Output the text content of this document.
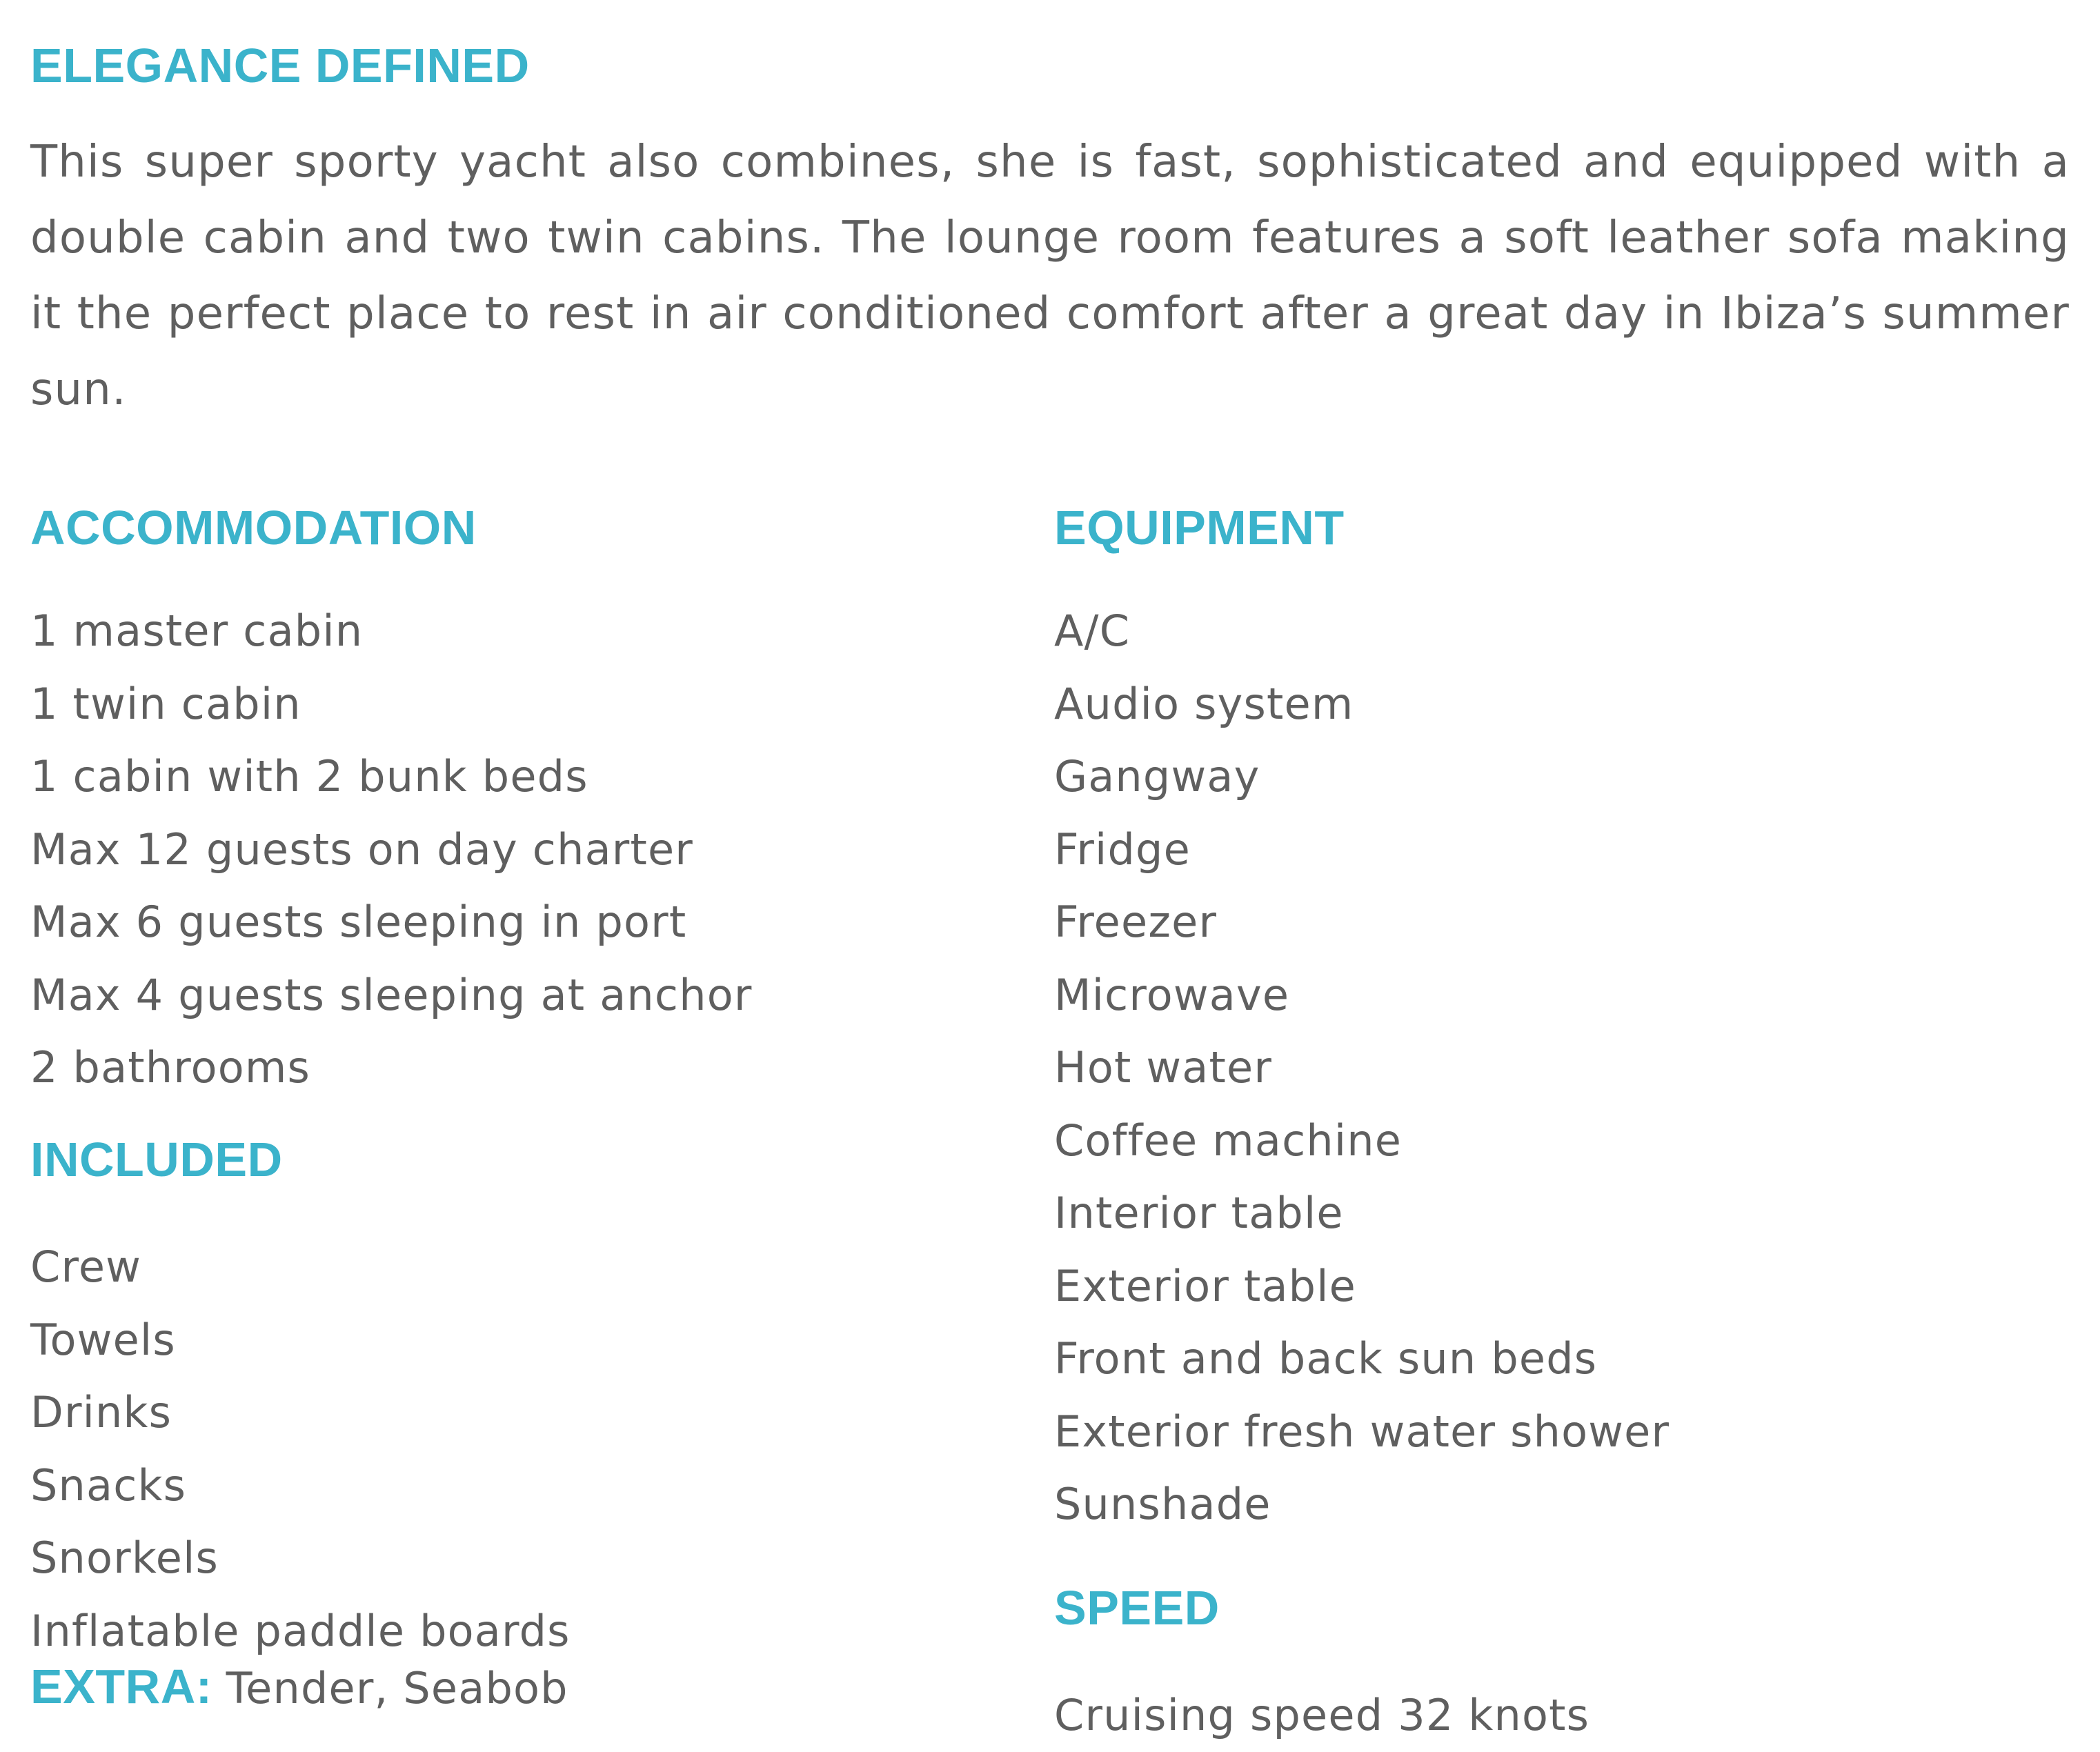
ELEGANCE DEFINED

This super sporty yacht also combines, she is fast, sophisticated and equipped with a double cabin and two twin cabins. The lounge room features a soft leather sofa making it the perfect place to rest in air conditioned comfort after a great day in Ibiza’s summer sun.

ACCOMMODATION
1 master cabin
1 twin cabin
1 cabin with 2 bunk beds
Max 12 guests on day charter
Max 6 guests sleeping in port
Max 4 guests sleeping at anchor
2 bathrooms
INCLUDED
Crew
Towels
Drinks
Snacks
Snorkels
Inflatable paddle boards
EXTRA: Tender, Seabob
EQUIPMENT
A/C
Audio system
Gangway
Fridge
Freezer
Microwave
Hot water
Coffee machine
Interior table
Exterior table
Front and back sun beds
Exterior fresh water shower
Sunshade
SPEED
Cruising speed 32 knots
